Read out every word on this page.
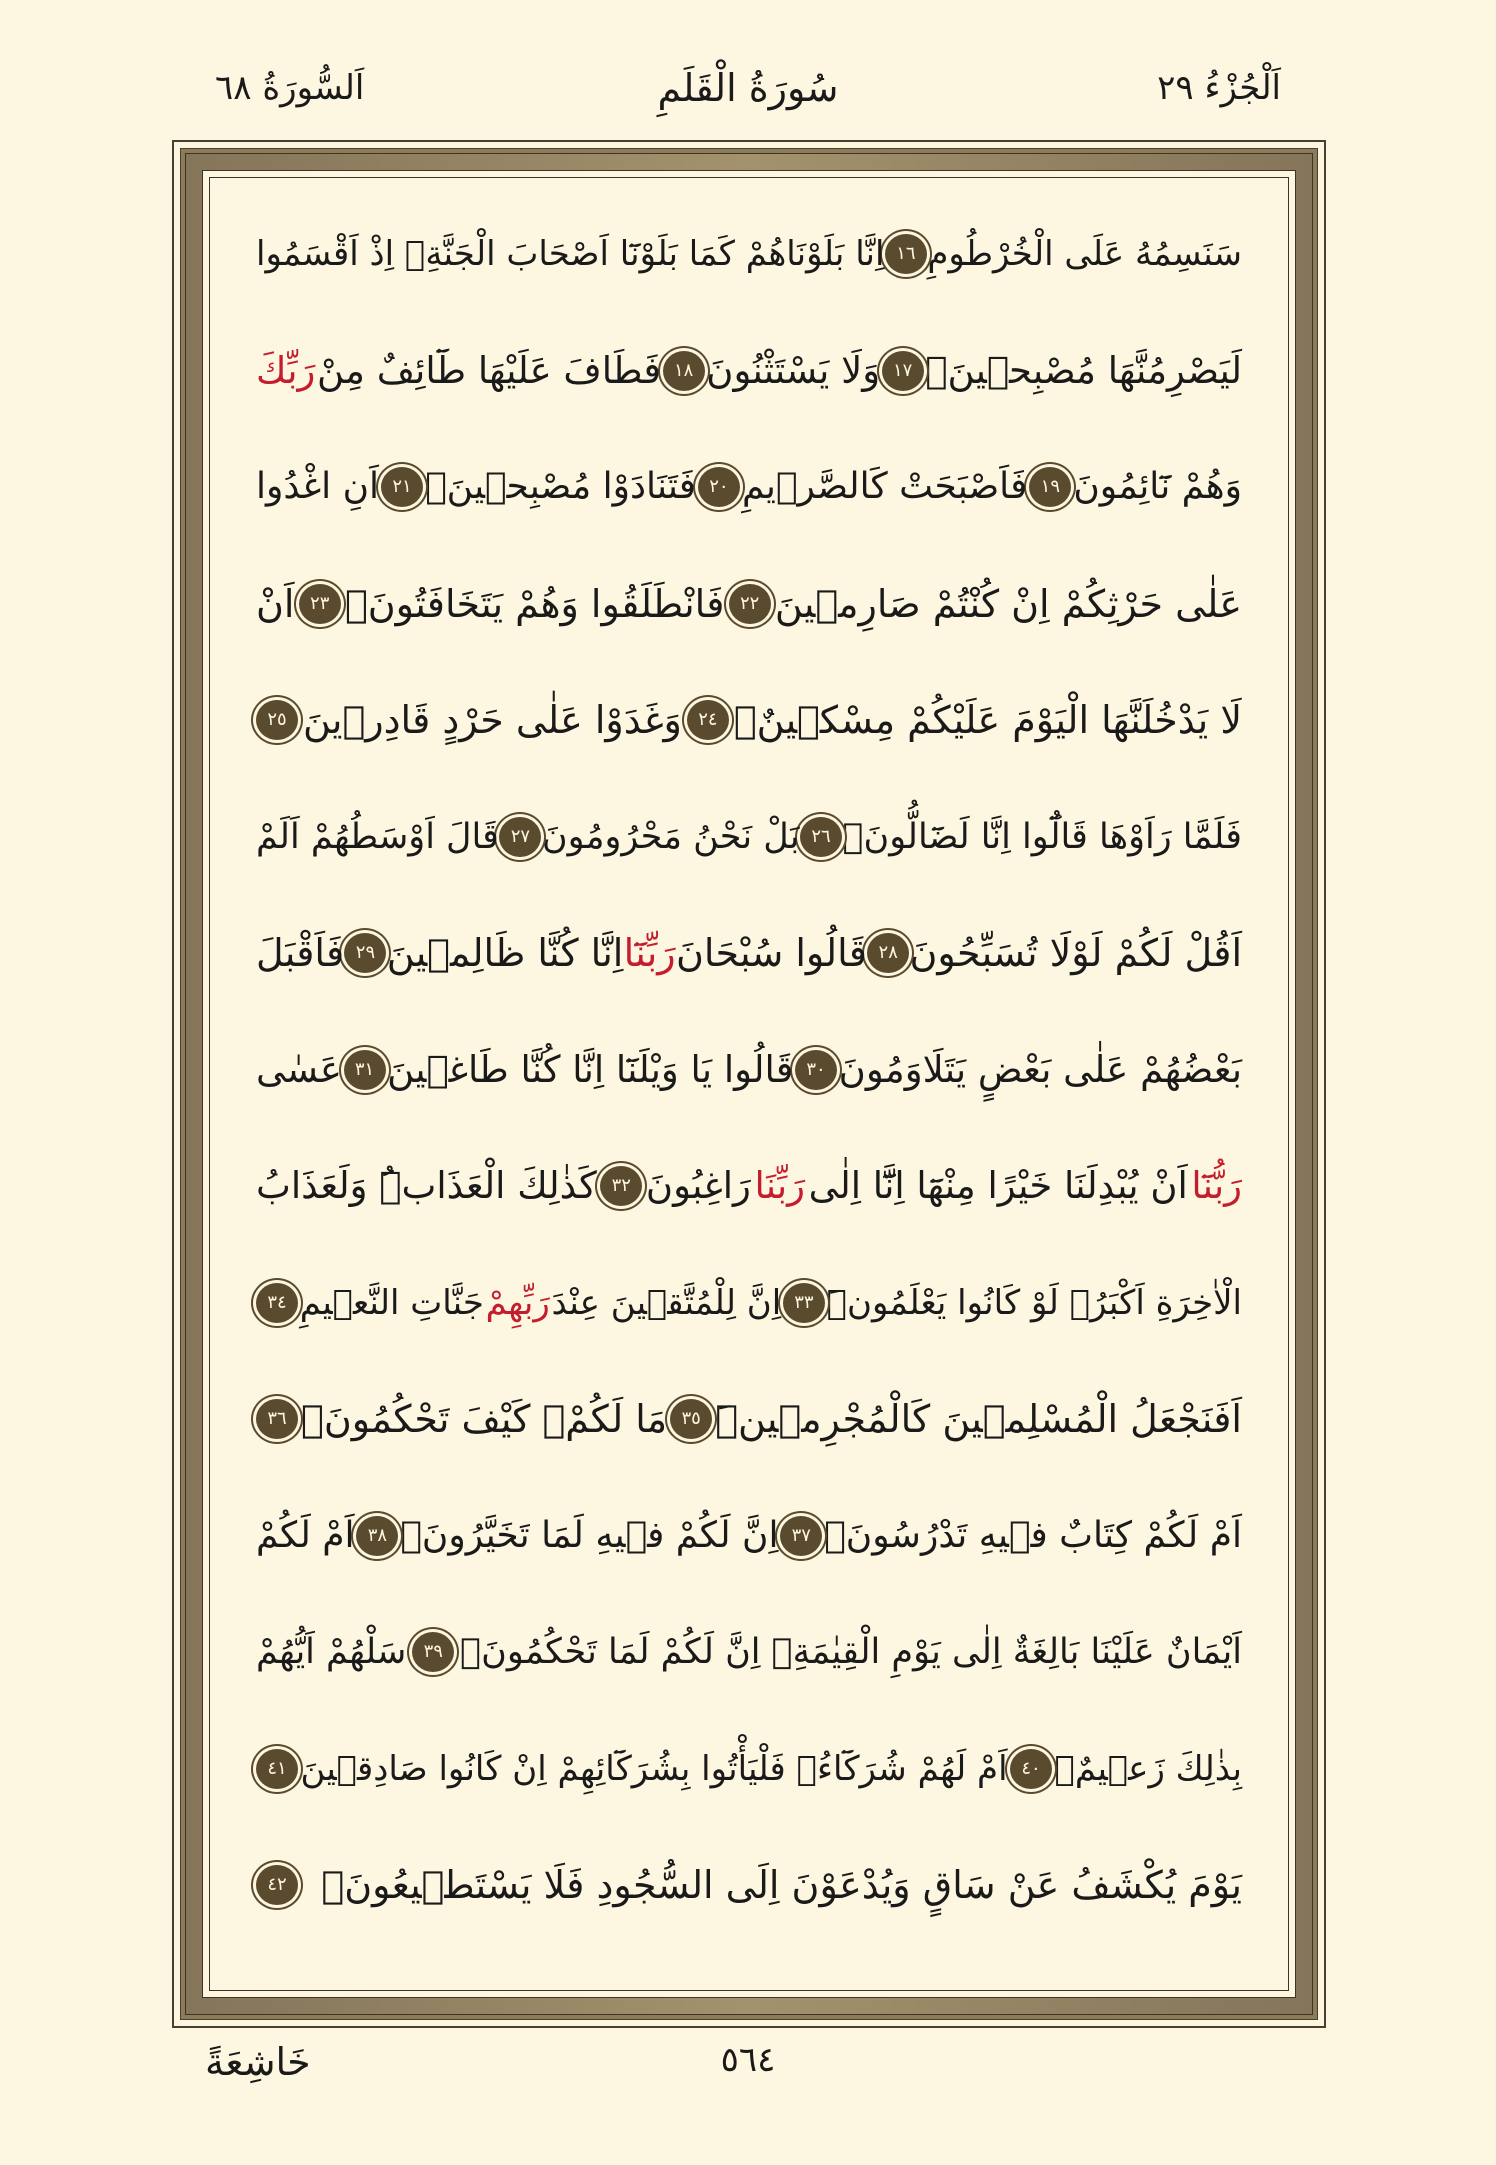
اَلْجُزْءُ ٢٩
سُورَةُ الْقَلَمِ
اَلسُّورَةُ ٦٨
سَنَسِمُهُ عَلَى الْخُرْطُومِ
١٦
اِنَّا بَلَوْنَاهُمْ كَمَا بَلَوْنَٓا اَصْحَابَ الْجَنَّةِۚ اِذْ اَقْسَمُوا
لَيَصْرِمُنَّهَا مُصْبِح۪ينَۙ
١٧
وَلَا يَسْتَثْنُونَ
١٨
فَطَافَ عَلَيْهَا طَٓائِفٌ مِنْ
رَبِّكَ
وَهُمْ نَٓائِمُونَ
١٩
فَاَصْبَحَتْ كَالصَّر۪يمِ
٢٠
فَتَنَادَوْا مُصْبِح۪ينَۙ
٢١
اَنِ اغْدُوا
عَلٰى حَرْثِكُمْ اِنْ كُنْتُمْ صَارِم۪ينَ
٢٢
فَانْطَلَقُوا وَهُمْ يَتَخَافَتُونَۙ
٢٣
اَنْ
لَا يَدْخُلَنَّهَا الْيَوْمَ عَلَيْكُمْ مِسْك۪ينٌۙ
٢٤
وَغَدَوْا عَلٰى حَرْدٍ قَادِر۪ينَ
٢٥
فَلَمَّا رَاَوْهَا قَالُٓوا اِنَّا لَضَٓالُّونَۙ
٢٦
بَلْ نَحْنُ مَحْرُومُونَ
٢٧
قَالَ اَوْسَطُهُمْ اَلَمْ
اَقُلْ لَكُمْ لَوْلَا تُسَبِّحُونَ
٢٨
قَالُوا سُبْحَانَ
رَبِّنَٓا
اِنَّا كُنَّا ظَالِم۪ينَ
٢٩
فَاَقْبَلَ
بَعْضُهُمْ عَلٰى بَعْضٍ يَتَلَاوَمُونَ
٣٠
قَالُوا يَا وَيْلَنَٓا اِنَّا كُنَّا طَاغ۪ينَ
٣١
عَسٰى
رَبُّنَٓا
اَنْ يُبْدِلَنَا خَيْرًا مِنْهَٓا اِنَّٓا اِلٰى
رَبِّنَا
رَاغِبُونَ
٣٢
كَذٰلِكَ الْعَذَابُۜ وَلَعَذَابُ
الْاٰخِرَةِ اَكْبَرُۢ لَوْ كَانُوا يَعْلَمُونَۜ
٣٣
اِنَّ لِلْمُتَّق۪ينَ عِنْدَ
رَبِّهِمْ
جَنَّاتِ النَّع۪يمِ
٣٤
اَفَنَجْعَلُ الْمُسْلِم۪ينَ كَالْمُجْرِم۪ينَۜ
٣٥
مَا لَكُمْ۠ كَيْفَ تَحْكُمُونَۚ
٣٦
اَمْ لَكُمْ كِتَابٌ ف۪يهِ تَدْرُسُونَۙ
٣٧
اِنَّ لَكُمْ ف۪يهِ لَمَا تَخَيَّرُونَۚ
٣٨
اَمْ لَكُمْ
اَيْمَانٌ عَلَيْنَا بَالِغَةٌ اِلٰى يَوْمِ الْقِيٰمَةِۙ اِنَّ لَكُمْ لَمَا تَحْكُمُونَۚ
٣٩
سَلْهُمْ اَيُّهُمْ
بِذٰلِكَ زَع۪يمٌۚ
٤٠
اَمْ لَهُمْ شُرَكَٓاءُۚ فَلْيَأْتُوا بِشُرَكَٓائِهِمْ اِنْ كَانُوا صَادِق۪ينَ
٤١
يَوْمَ يُكْشَفُ عَنْ سَاقٍ وَيُدْعَوْنَ اِلَى السُّجُودِ فَلَا يَسْتَط۪يعُونَۙ
٤٢
خَاشِعَةً	٥٦٤
